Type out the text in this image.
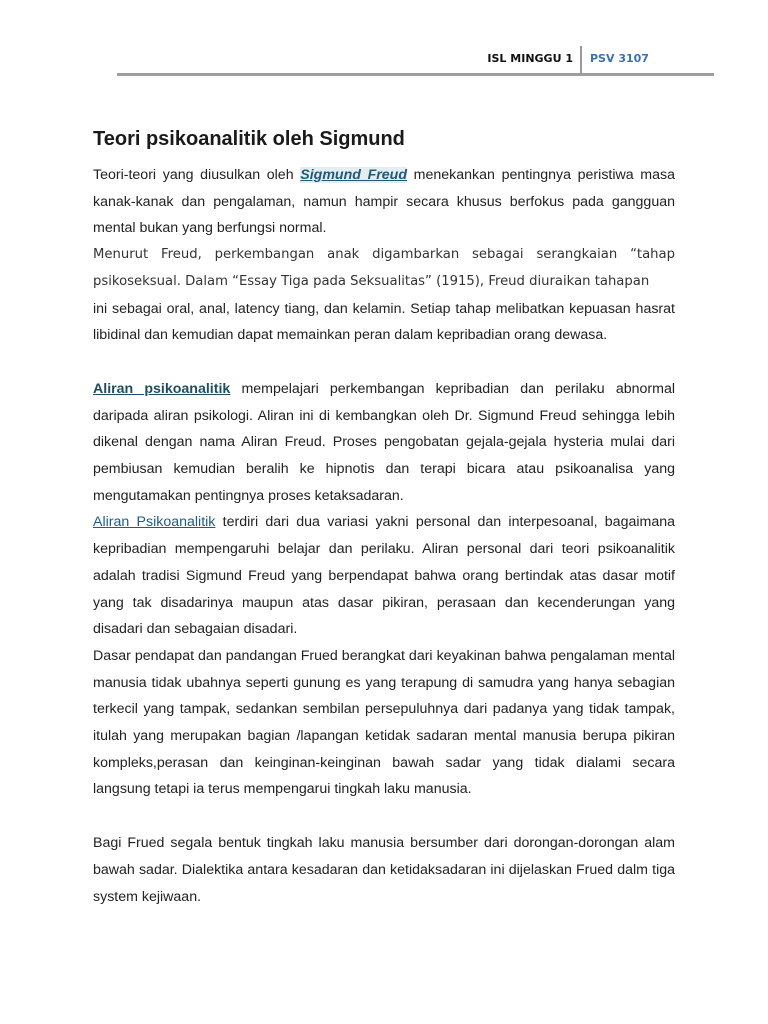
ISL MINGGU 1 PSV 3107
Teori psikoanalitik oleh Sigmund

Teori-teori yang diusulkan oleh Sigmund Freud menekankan pentingnya peristiwa masa kanak-kanak dan pengalaman, namun hampir secara khusus berfokus pada gangguan mental bukan yang berfungsi normal.

Menurut Freud, perkembangan anak digambarkan sebagai serangkaian “tahap psikoseksual. Dalam “Essay Tiga pada Seksualitas” (1915), Freud diuraikan tahapan

ini sebagai oral, anal, latency tiang, dan kelamin. Setiap tahap melibatkan kepuasan hasrat libidinal dan kemudian dapat memainkan peran dalam kepribadian orang dewasa.

Aliran psikoanalitik mempelajari perkembangan kepribadian dan perilaku abnormal daripada aliran psikologi. Aliran ini di kembangkan oleh Dr. Sigmund Freud sehingga lebih dikenal dengan nama Aliran Freud. Proses pengobatan gejala-gejala hysteria mulai dari pembiusan kemudian beralih ke hipnotis dan terapi bicara atau psikoanalisa yang mengutamakan pentingnya proses ketaksadaran.

Aliran Psikoanalitik terdiri dari dua variasi yakni personal dan interpesoanal, bagaimana kepribadian mempengaruhi belajar dan perilaku. Aliran personal dari teori psikoanalitik adalah tradisi Sigmund Freud yang berpendapat bahwa orang bertindak atas dasar motif yang tak disadarinya maupun atas dasar pikiran, perasaan dan kecenderungan yang disadari dan sebagaian disadari.

Dasar pendapat dan pandangan Frued berangkat dari keyakinan bahwa pengalaman mental manusia tidak ubahnya seperti gunung es yang terapung di samudra yang hanya sebagian terkecil yang tampak, sedankan sembilan persepuluhnya dari padanya yang tidak tampak, itulah yang merupakan bagian /lapangan ketidak sadaran mental manusia berupa pikiran kompleks,perasan dan keinginan-keinginan bawah sadar yang tidak dialami secara langsung tetapi ia terus mempengarui tingkah laku manusia.

Bagi Frued segala bentuk tingkah laku manusia bersumber dari dorongan-dorongan alam bawah sadar. Dialektika antara kesadaran dan ketidaksadaran ini dijelaskan Frued dalm tiga system kejiwaan.
